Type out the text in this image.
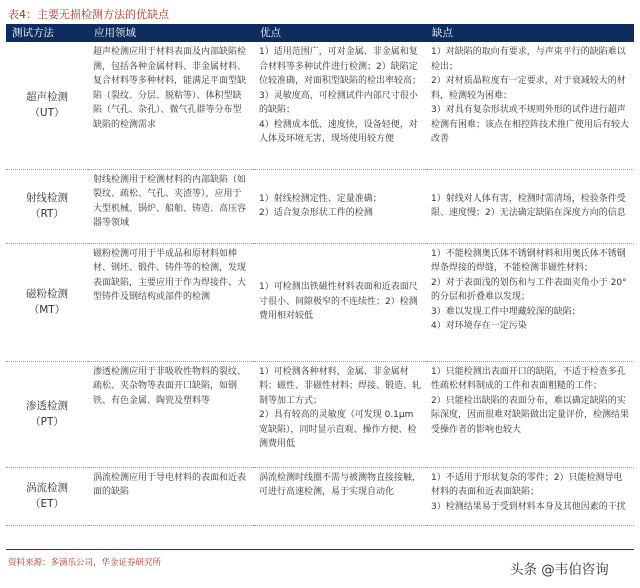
表4：主要无损检测方法的优缺点
测试方法	应用领域	优点	缺点

超声检测
（UT）	超声检测应用于材料表面及内部缺陷检测，包括各种金属材料、非金属材料、复合材料等多种材料，能满足平面型缺陷（裂纹、分层、脱粘等）、体积型缺陷（气孔、杂孔）、微气孔群等分布型缺陷的检测需求	1）适用范围广，可对金属、非金属和复合材料等多种试件进行检测；2）缺陷定位较准确，对面积型缺陷的检出率较高；
3）灵敏度高，可检测试件内部尺寸很小的缺陷；
4）检测成本低、速度快，设备轻便，对人体及环境无害，现场使用较方便	1）对缺陷的取向有要求，与声束平行的缺陷难以检出；
2）对材质晶粒度有一定要求，对于衰减较大的材料，检测较为困难；
3）对具有复杂形状或不规则外形的试件进行超声检测有困难；该点在相控阵技术推广使用后有较大改善

射线检测
（RT）	射线检测用于检测材料的内部缺陷（如裂纹、疏松、气孔、夹渣等），应用于大型机械、锅炉、船舶、铸造、高压容器等领域	1）射线检测定性、定量准确；
2）适合复杂形状工件的检测	1）射线对人体有害，检测时需清场，检验条件受限、速度慢；2）无法确定缺陷在深度方向的信息

磁粉检测
（MT）	磁粉检测可用于半成品和原材料如棒材、钢坯、锻件、铸件等的检测，发现表面缺陷，主要应用于作为焊接件、大型铸件及钢结构或部件的检测	1）可检测出铁磁性材料表面和近表面尺寸很小、间隙极窄的不连续性；2）检测费用相对较低	1）不能检测奥氏体不锈钢材料和用奥氏体不锈钢焊条焊接的焊缝，不能检测非磁性材料；
2）对于表面浅的划伤和与工件表面夹角小于 20°的分层和折叠难以发现；
3）难以发现工件中埋藏较深的缺陷；
4）对环境存在一定污染

渗透检测
（PT）	渗透检测应用于非吸收性物料的裂纹、疏松、夹杂物等表面开口缺陷，如钢铁、有色金属、陶瓷及塑料等	1）可检测各种材料，金属、非金属材料；磁性、非磁性材料；焊接、锻造、轧制等加工方式；
2）具有较高的灵敏度（可发现 0.1μm 宽缺陷），同时显示直观、操作方便、检测费用低	1）只能检测出表面开口的缺陷，不适于检查多孔性疏松材料制成的工件和表面粗糙的工件；
2）只能检出缺陷的表面分布，难以确定缺陷的实际深度，因而很难对缺陷做出定量评价，检测结果受操作者的影响也较大

涡流检测
（ET）	涡流检测应用于导电材料的表面和近表面的缺陷	涡流检测时线圈不需与被测物直接接触，可进行高速检测，易于实现自动化	1）不适用于形状复杂的零件；2）只能检测导电材料的表面和近表面缺陷；
3）检测结果易于受到材料本身及其他因素的干扰
资料来源：多滴乐公司，华金证券研究所	头条 @韦伯咨询
